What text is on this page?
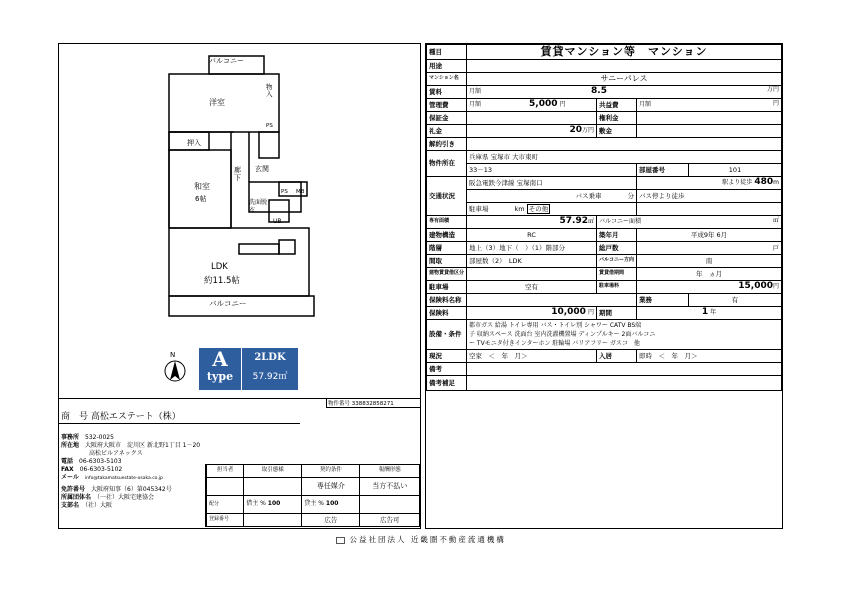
バルコニー
洋室
物入
PS
押入
和室
6帖
廊下
玄関
PS MB
洗面脱衣
UB
LDK
約11.5帖
バルコニー
N	A
type
2LDK
57.92㎡
物件番号 338832858271
商　号 高松エステート（株）
事務所　 532-0025
所在地　 大阪府大阪市　淀川区 新北野1丁目 1－20
高松ビルアネックス
電話　 06-6303-5103
FAX　 06-6303-5102
メール　 info@takamatsuestate-osaka.co.jp
免許番号　 大阪府知事（6）第045342号
所属団体名　 （一社）大阪宅建協会
支部名　 （社）大阪
担当者	取引態様	契約条件	報酬形態
		専任媒介	当方不払い
配分	借主 % 100	貸主 % 100	
登録番号		広告	広告可
種目	賃貸マンション等　マンション			
用途				
マンション名	サニーパレス			
賃料	月額 8.5 万円			

管理費	月額 5,000 円	共益費	月額 円	

保証金		権利金		
礼金	20万円	敷金		
解約引き				
物件所在	兵庫県 宝塚市 大市東町			
	33－13		部屋番号	101
交通状況	阪急電鉄今津線 宝塚南口		駅より徒歩 480m	
	バス乗車　　　　 分		バス停より徒歩	
	駐車場　　　　 km その他			
専有面積	57.92㎡	バルコニー面積 ㎡		

建物構造	RC	築年月	平成9年 6月	
階層	地上（3）地下（　）（1）階部分	総戸数	戸	
間取	部屋数（2）　LDK	バルコニー方向	南	
建物賃貸借区分		賃貸借期間	年　ヵ月	
駐車場	空有	駐車場料	15,000円	
保険料名称			業務	有
保険料	10,000 円	期間	1 年	
設備・条件	都市ガス 給湯 トイレ専用 バス・トイレ別 シャワー CATV BS端
子 収納スペース 洗面台 室内洗濯機置場 ディンプルキー 2面バルコニ
ー TVモニタ付きインターホン 駐輪場 バリアフリー ガスコ　他			

現況	空家　 ＜　年　月＞	入居	即時　 ＜　年　月＞	
備考				
備考補足				
公益社団法人 近畿圏不動産流通機構
